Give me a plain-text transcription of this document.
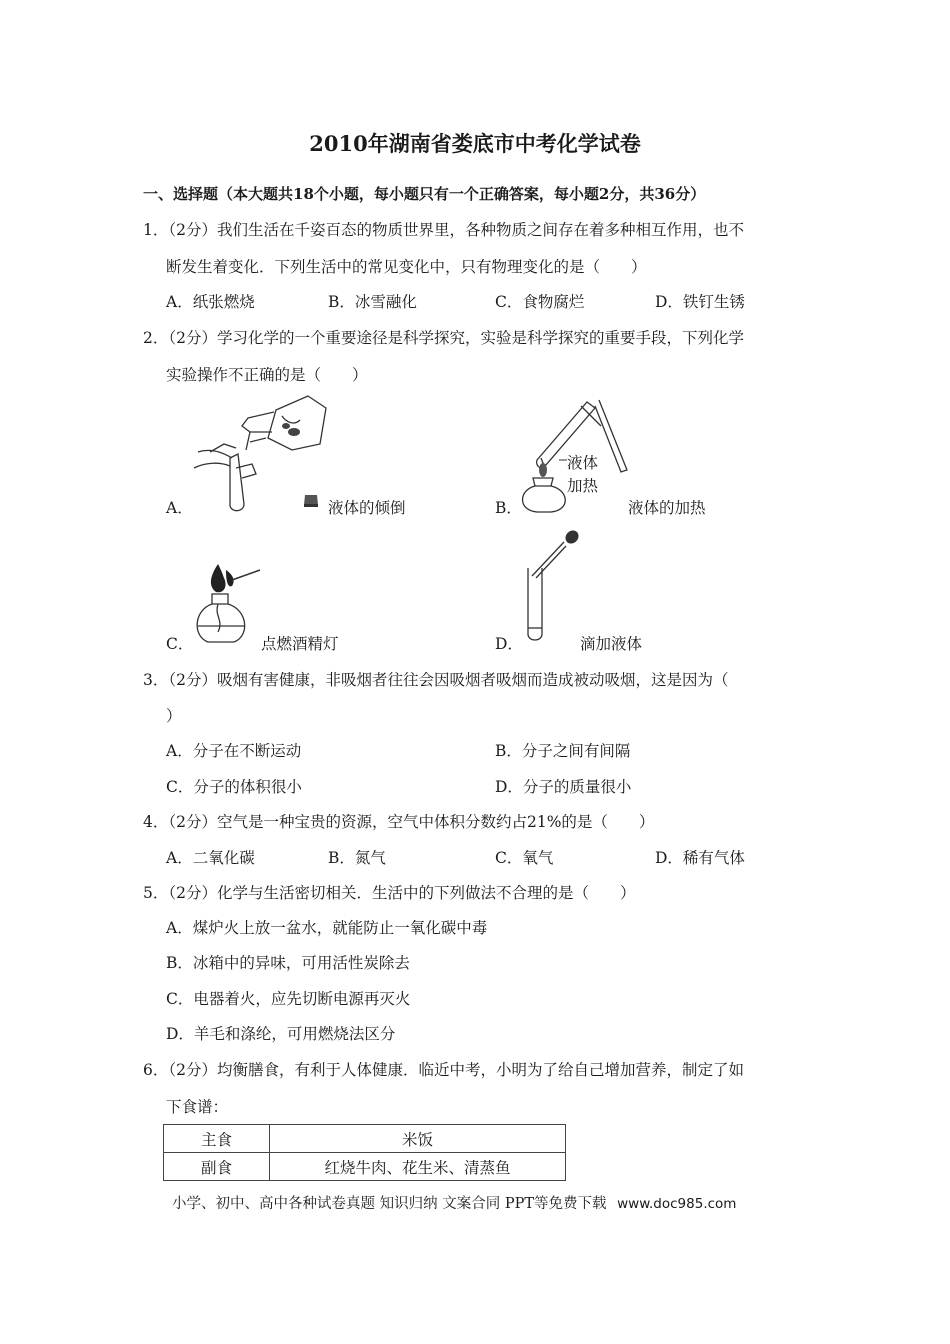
2010年湖南省娄底市中考化学试卷
一、选择题（本大题共18个小题，每小题只有一个正确答案，每小题2分，共36分）
1．（2分）我们生活在千姿百态的物质世界里，各种物质之间存在着多种相互作用，也不
断发生着变化．下列生活中的常见变化中，只有物理变化的是（　　）
A．纸张燃烧	B．冰雪融化	C．食物腐烂	D．铁钉生锈
2．（2分）学习化学的一个重要途径是科学探究，实验是科学探究的重要手段，下列化学
实验操作不正确的是（　　）
A．	液体的倾倒
液体
加热
B．	液体的加热
C．	点燃酒精灯	D．	滴加液体
3．（2分）吸烟有害健康，非吸烟者往往会因吸烟者吸烟而造成被动吸烟，这是因为（
）
A．分子在不断运动	B．分子之间有间隔
C．分子的体积很小	D．分子的质量很小
4．（2分）空气是一种宝贵的资源，空气中体积分数约占21%的是（　　）
A．二氧化碳	B．氮气	C．氧气	D．稀有气体
5．（2分）化学与生活密切相关．生活中的下列做法不合理的是（　　）
A．煤炉火上放一盆水，就能防止一氧化碳中毒
B．冰箱中的异味，可用活性炭除去
C．电器着火，应先切断电源再灭火
D．羊毛和涤纶，可用燃烧法区分
6．（2分）均衡膳食，有利于人体健康．临近中考，小明为了给自己增加营养，制定了如
下食谱：
主食	米饭
副食	红烧牛肉、花生米、清蒸鱼
小学、初中、高中各种试卷真题 知识归纳 文案合同 PPT等免费下载 www.doc985.com
